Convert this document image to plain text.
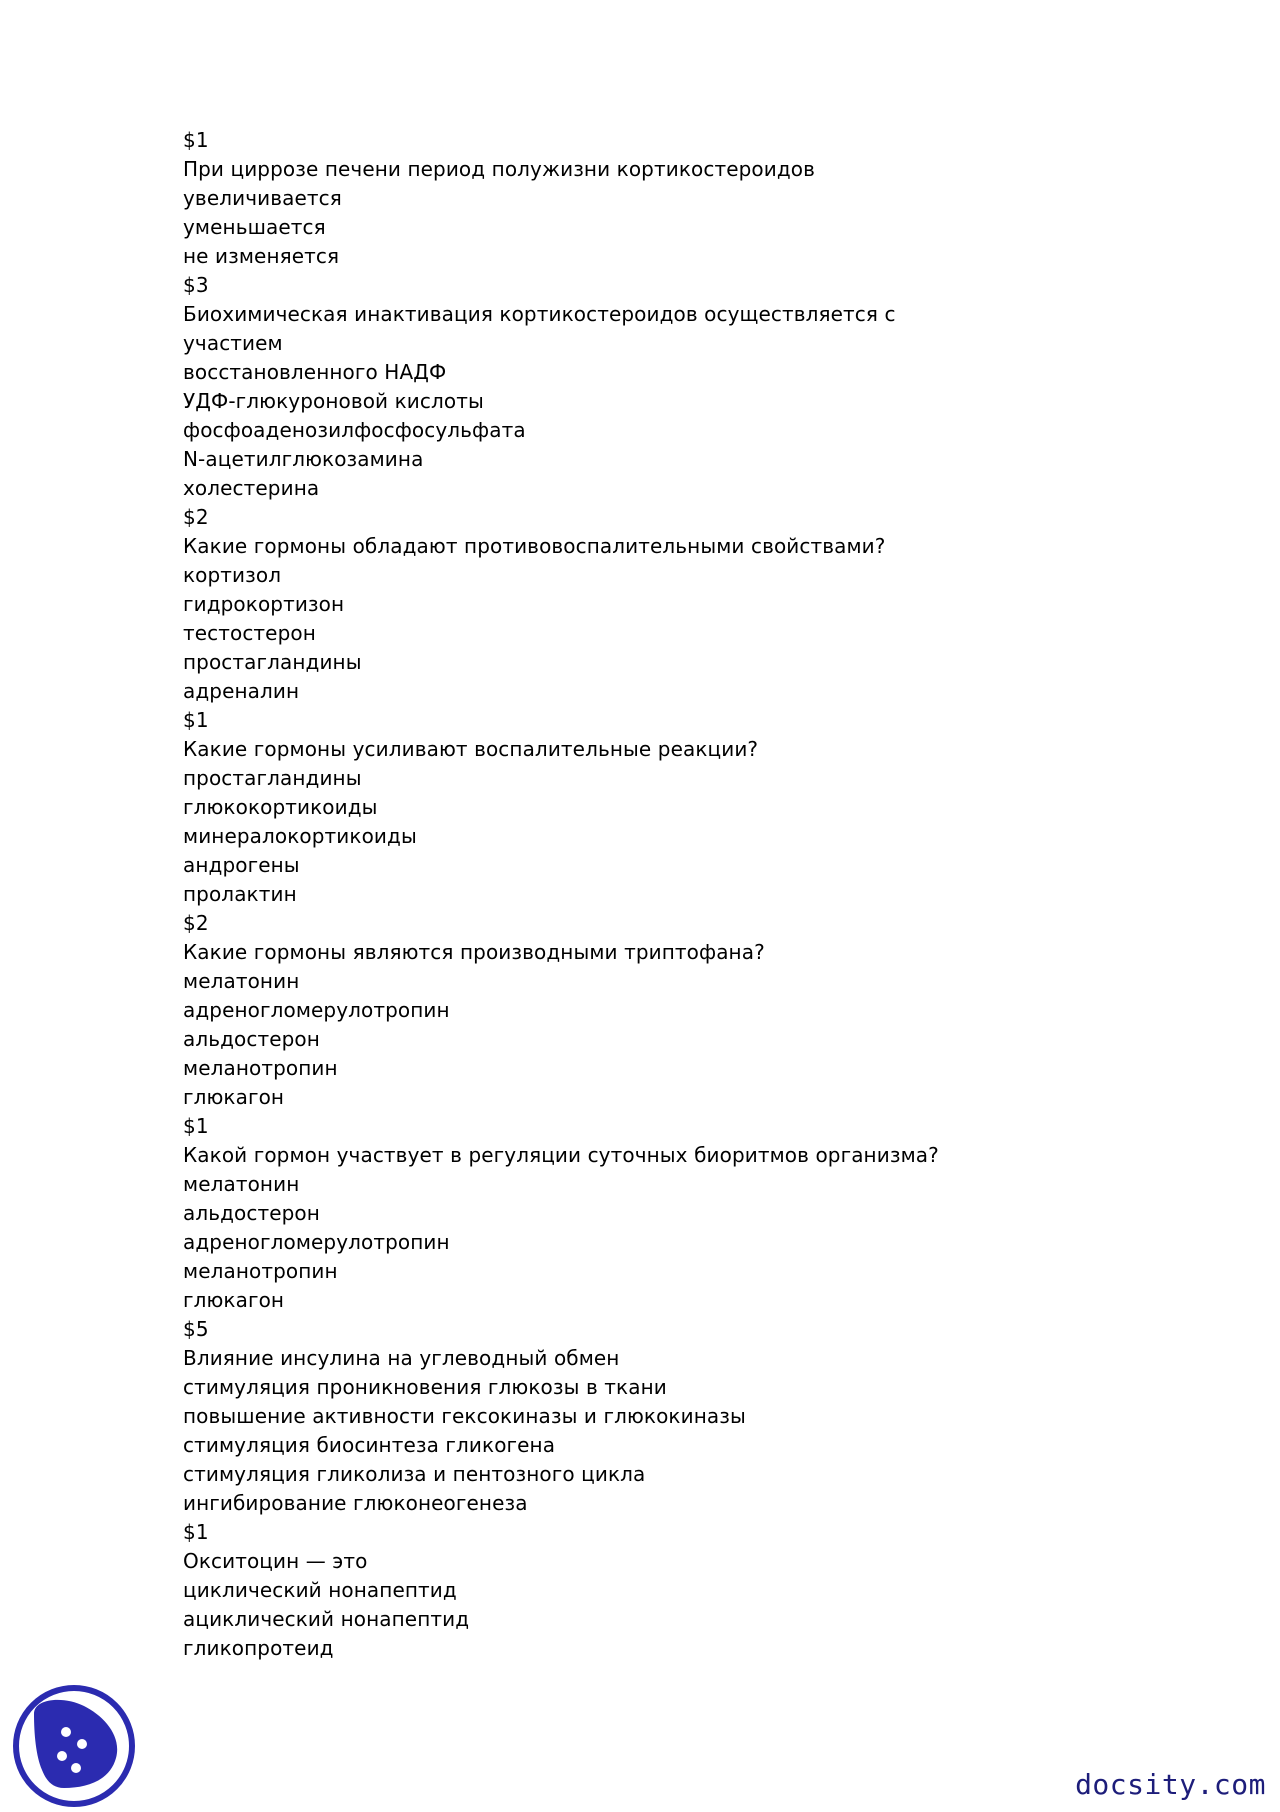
$1
При циррозе печени период полужизни кортикостероидов
увеличивается
уменьшается
не изменяется
$3
Биохимическая инактивация кортикостероидов осуществляется с
участием
восстановленного НАДФ
УДФ-глюкуроновой кислоты
фосфоаденозилфосфосульфата
N-ацетилглюкозамина
холестерина
$2
Какие гормоны обладают противовоспалительными свойствами?
кортизол
гидрокортизон
тестостерон
простагландины
адреналин
$1
Какие гормоны усиливают воспалительные реакции?
простагландины
глюкокортикоиды
минералокортикоиды
андрогены
пролактин
$2
Какие гормоны являются производными триптофана?
мелатонин
адреногломерулотропин
альдостерон
меланотропин
глюкагон
$1
Какой гормон участвует в регуляции суточных биоритмов организма?
мелатонин
альдостерон
адреногломерулотропин
меланотропин
глюкагон
$5
Влияние инсулина на углеводный обмен
стимуляция проникновения глюкозы в ткани
повышение активности гексокиназы и глюкокиназы
стимуляция биосинтеза гликогена
стимуляция гликолиза и пентозного цикла
ингибирование глюконеогенеза
$1
Окситоцин — это
циклический нонапептид
ациклический нонапептид
гликопротеид
docsity.com
